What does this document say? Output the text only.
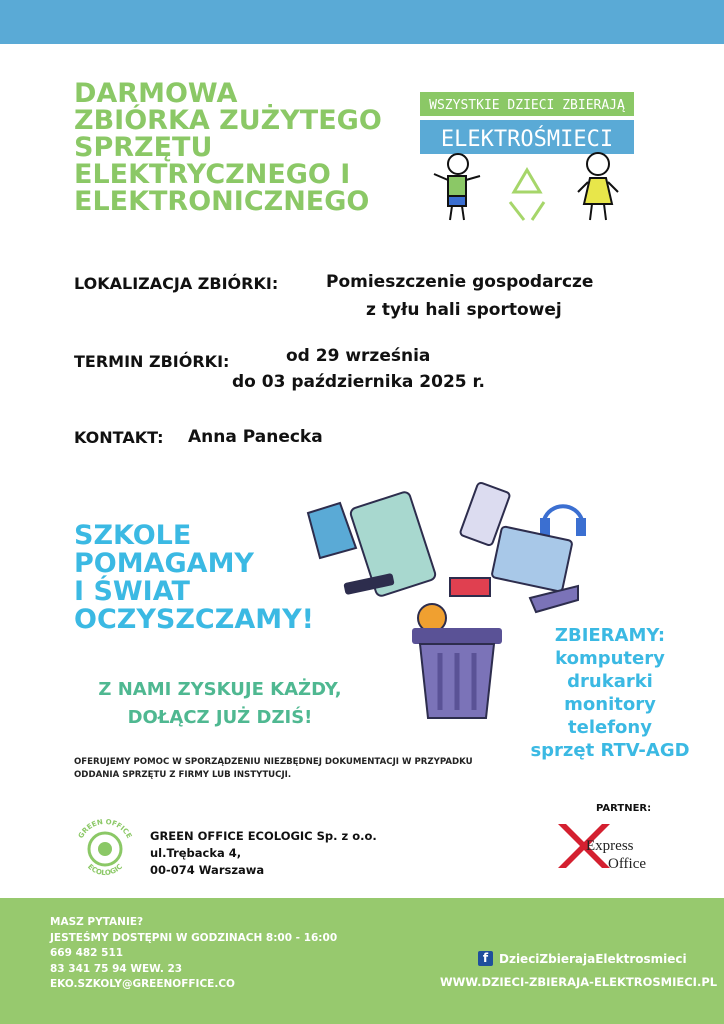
DARMOWA
ZBIÓRKA ZUŻYTEGO
SPRZĘTU
ELEKTRYCZNEGO I
ELEKTRONICZNEGO
WSZYSTKIE DZIECI ZBIERAJĄ
ELEKTROŚMIECI
LOKALIZACJA ZBIÓRKI:	Pomieszczenie gospodarcze
z tyłu hali sportowej
TERMIN ZBIÓRKI:	od 29 września
do 03 października 2025 r.
KONTAKT: Anna Panecka
SZKOLE
POMAGAMY
I ŚWIAT
OCZYSZCZAMY!
Z NAMI ZYSKUJE KAŻDY,
DOŁĄCZ JUŻ DZIŚ!
ZBIERAMY:
komputery
drukarki
monitory
telefony
sprzęt RTV-AGD
OFERUJEMY POMOC W SPORZĄDZENIU NIEZBĘDNEJ DOKUMENTACJI W PRZYPADKU
ODDANIA SPRZĘTU Z FIRMY LUB INSTYTUCJI.
PARTNER:
Express
Office
GREEN OFFICE
ECOLOGIC
GREEN OFFICE ECOLOGIC Sp. z o.o.
ul.Trębacka 4,
00-074 Warszawa
MASZ PYTANIE?
JESTEŚMY DOSTĘPNI W GODZINACH 8:00 - 16:00
669 482 511
83 341 75 94 WEW. 23
EKO.SZKOLY@GREENOFFICE.CO
f DzieciZbierajaElektrosmieci
WWW.DZIECI-ZBIERAJA-ELEKTROSMIECI.PL
